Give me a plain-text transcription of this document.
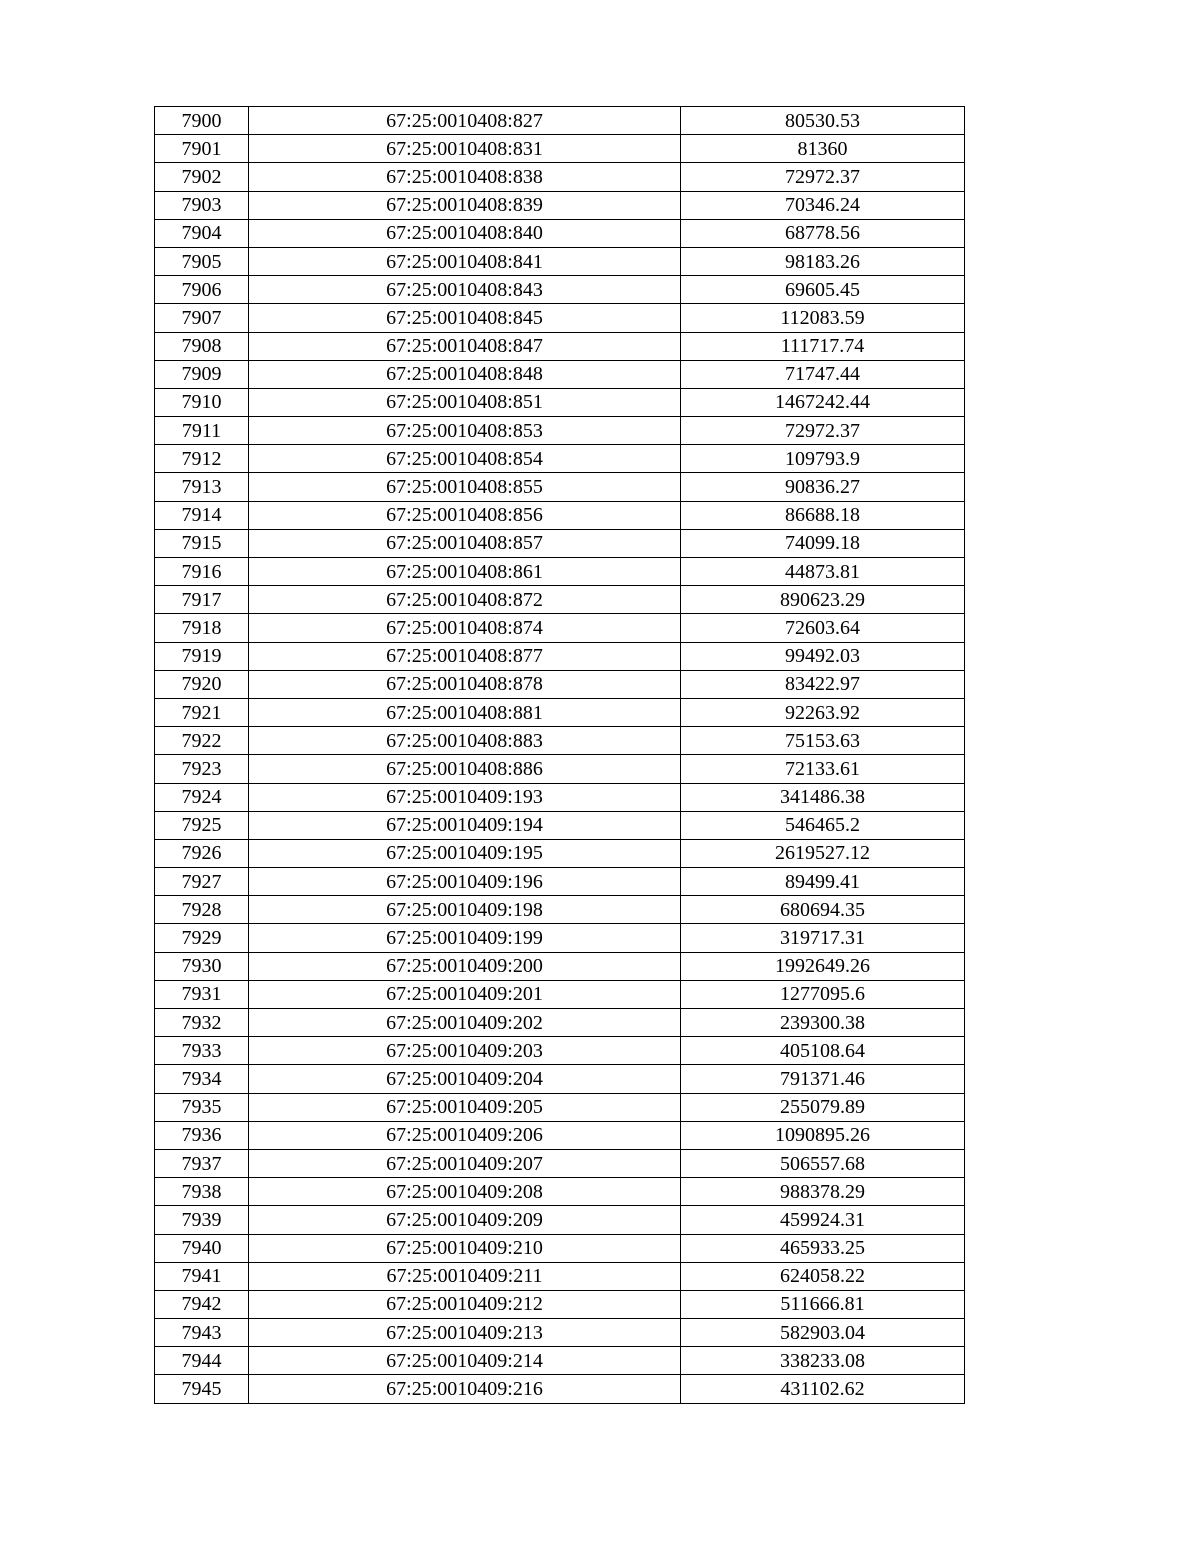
7900	67:25:0010408:827	80530.53
7901	67:25:0010408:831	81360
7902	67:25:0010408:838	72972.37
7903	67:25:0010408:839	70346.24
7904	67:25:0010408:840	68778.56
7905	67:25:0010408:841	98183.26
7906	67:25:0010408:843	69605.45
7907	67:25:0010408:845	112083.59
7908	67:25:0010408:847	111717.74
7909	67:25:0010408:848	71747.44
7910	67:25:0010408:851	1467242.44
7911	67:25:0010408:853	72972.37
7912	67:25:0010408:854	109793.9
7913	67:25:0010408:855	90836.27
7914	67:25:0010408:856	86688.18
7915	67:25:0010408:857	74099.18
7916	67:25:0010408:861	44873.81
7917	67:25:0010408:872	890623.29
7918	67:25:0010408:874	72603.64
7919	67:25:0010408:877	99492.03
7920	67:25:0010408:878	83422.97
7921	67:25:0010408:881	92263.92
7922	67:25:0010408:883	75153.63
7923	67:25:0010408:886	72133.61
7924	67:25:0010409:193	341486.38
7925	67:25:0010409:194	546465.2
7926	67:25:0010409:195	2619527.12
7927	67:25:0010409:196	89499.41
7928	67:25:0010409:198	680694.35
7929	67:25:0010409:199	319717.31
7930	67:25:0010409:200	1992649.26
7931	67:25:0010409:201	1277095.6
7932	67:25:0010409:202	239300.38
7933	67:25:0010409:203	405108.64
7934	67:25:0010409:204	791371.46
7935	67:25:0010409:205	255079.89
7936	67:25:0010409:206	1090895.26
7937	67:25:0010409:207	506557.68
7938	67:25:0010409:208	988378.29
7939	67:25:0010409:209	459924.31
7940	67:25:0010409:210	465933.25
7941	67:25:0010409:211	624058.22
7942	67:25:0010409:212	511666.81
7943	67:25:0010409:213	582903.04
7944	67:25:0010409:214	338233.08
7945	67:25:0010409:216	431102.62
